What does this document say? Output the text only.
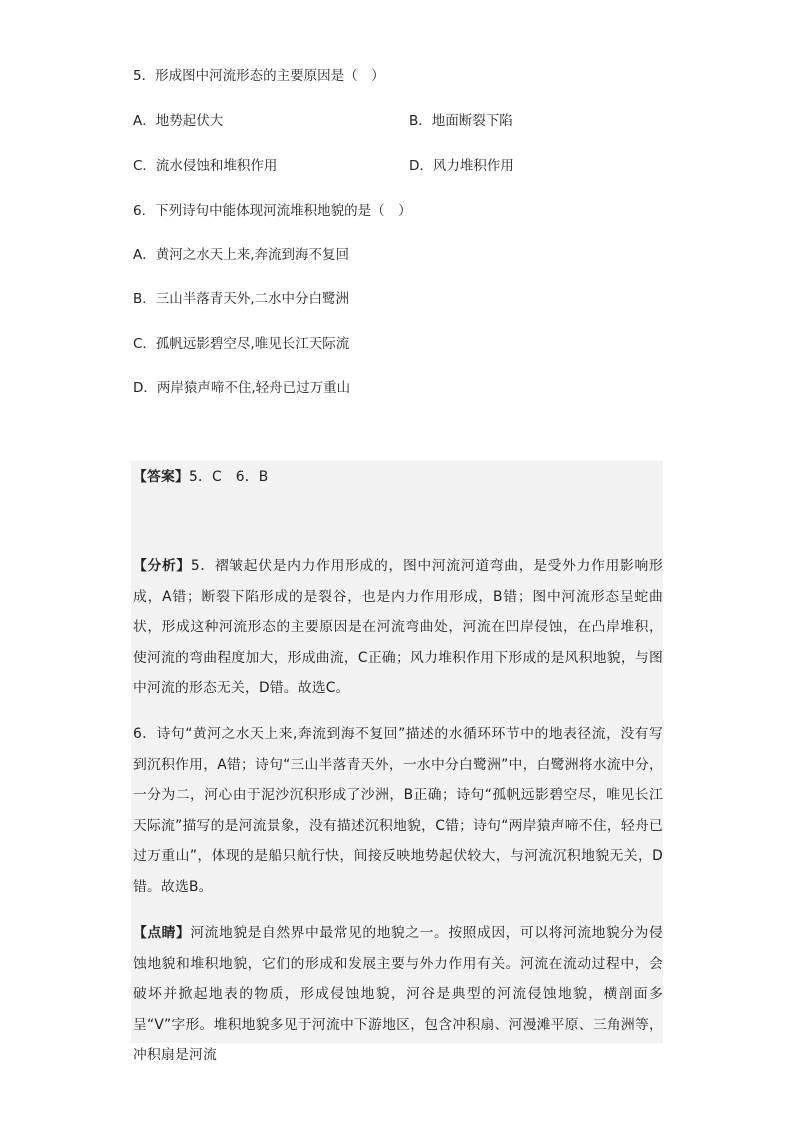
5．形成图中河流形态的主要原因是（　）
A．地势起伏大	B．地面断裂下陷
C．流水侵蚀和堆积作用	D．风力堆积作用
6．下列诗句中能体现河流堆积地貌的是（　）
A．黄河之水天上来,奔流到海不复回
B．三山半落青天外,二水中分白鹭洲
C．孤帆远影碧空尽,唯见长江天际流
D．两岸猿声啼不住,轻舟已过万重山
【答案】5．C　6．B
【分析】5．褶皱起伏是内力作用形成的，图中河流河道弯曲，是受外力作用影响形成，A错；断裂下陷形成的是裂谷，也是内力作用形成，B错；图中河流形态呈蛇曲状，形成这种河流形态的主要原因是在河流弯曲处，河流在凹岸侵蚀，在凸岸堆积，使河流的弯曲程度加大，形成曲流，C正确；风力堆积作用下形成的是风积地貌，与图中河流的形态无关，D错。故选C。
6．诗句“黄河之水天上来,奔流到海不复回”描述的水循环环节中的地表径流，没有写到沉积作用，A错；诗句“三山半落青天外，一水中分白鹭洲”中，白鹭洲将水流中分，一分为二，河心由于泥沙沉积形成了沙洲，B正确；诗句“孤帆远影碧空尽，唯见长江天际流”描写的是河流景象，没有描述沉积地貌，C错；诗句“两岸猿声啼不住，轻舟已过万重山”，体现的是船只航行快，间接反映地势起伏较大，与河流沉积地貌无关，D错。故选B。
【点睛】河流地貌是自然界中最常见的地貌之一。按照成因，可以将河流地貌分为侵蚀地貌和堆积地貌，它们的形成和发展主要与外力作用有关。河流在流动过程中，会破坏并掀起地表的物质，形成侵蚀地貌，河谷是典型的河流侵蚀地貌，横剖面多呈“V”字形。堆积地貌多见于河流中下游地区，包含冲积扇、河漫滩平原、三角洲等，冲积扇是河流
